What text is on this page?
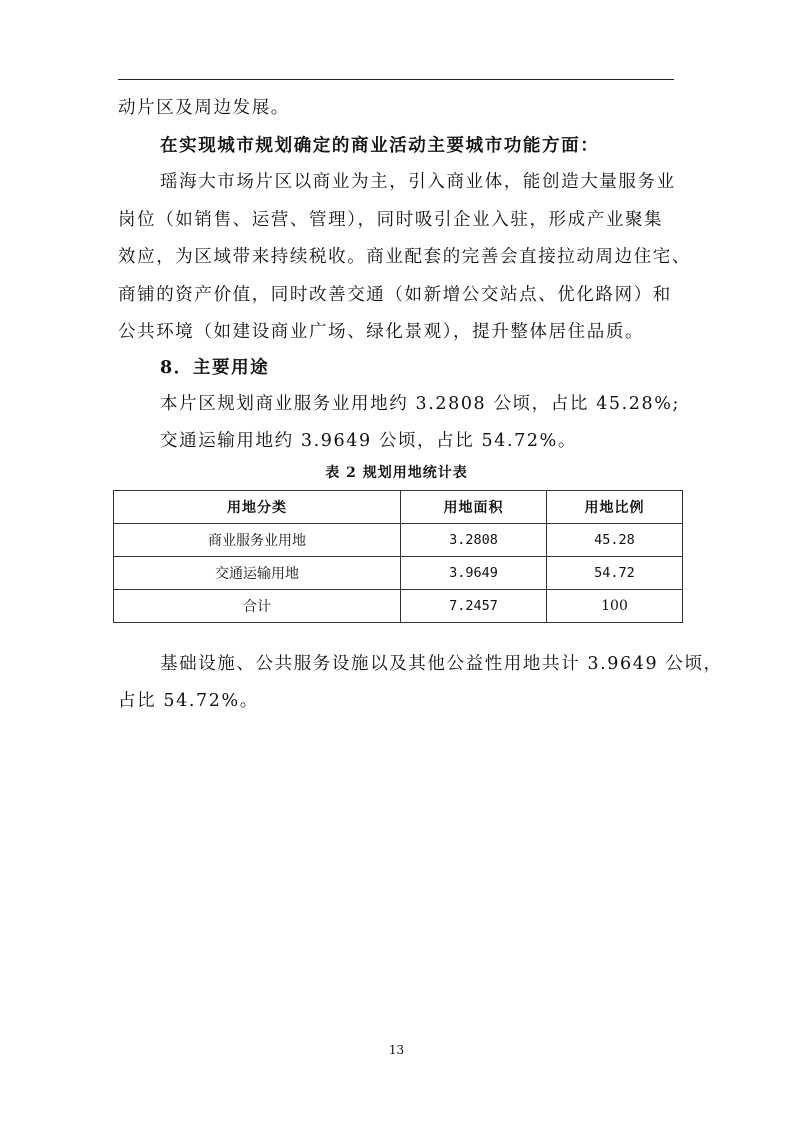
动片区及周边发展。
在实现城市规划确定的商业活动主要城市功能方面：
瑶海大市场片区以商业为主，引入商业体，能创造大量服务业
岗位（如销售、运营、管理），同时吸引企业入驻，形成产业聚集
效应，为区域带来持续税收。商业配套的完善会直接拉动周边住宅、
商铺的资产价值，同时改善交通（如新增公交站点、优化路网）和
公共环境（如建设商业广场、绿化景观），提升整体居住品质。
8．主要用途
本片区规划商业服务业用地约 3.2808 公顷，占比 45.28%;
交通运输用地约 3.9649 公顷，占比 54.72%。
表 2 规划用地统计表
用地分类	用地面积	用地比例
商业服务业用地	3.2808	45.28
交通运输用地	3.9649	54.72
合计	7.2457	100
基础设施、公共服务设施以及其他公益性用地共计 3.9649 公顷，
占比 54.72%。
13
